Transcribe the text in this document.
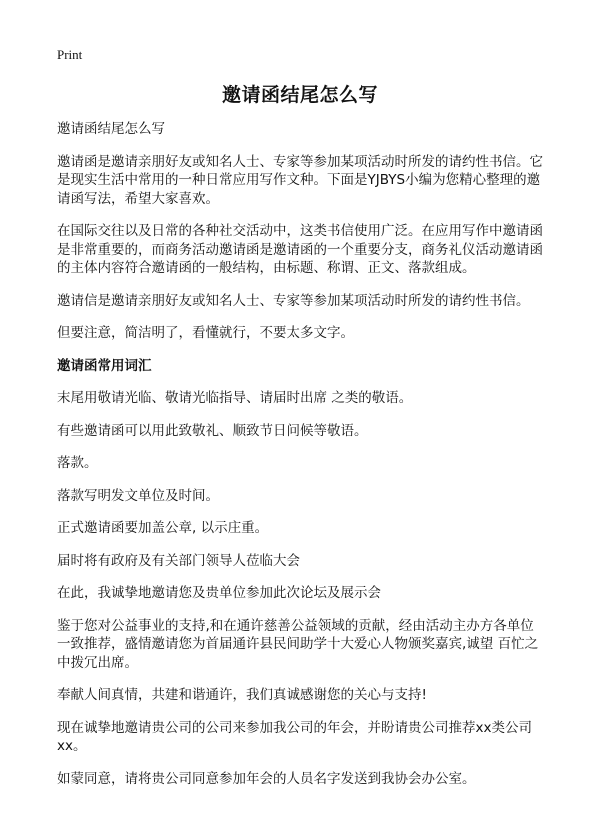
Print
邀请函结尾怎么写

邀请函结尾怎么写

邀请函是邀请亲朋好友或知名人士、专家等参加某项活动时所发的请约性书信。它是现实生活中常用的一种日常应用写作文种。下面是YJBYS小编为您精心整理的邀请函写法，希望大家喜欢。

在国际交往以及日常的各种社交活动中，这类书信使用广泛。在应用写作中邀请函是非常重要的，而商务活动邀请函是邀请函的一个重要分支，商务礼仪活动邀请函的主体内容符合邀请函的一般结构，由标题、称谓、正文、落款组成。

邀请信是邀请亲朋好友或知名人士、专家等参加某项活动时所发的请约性书信。

但要注意，简洁明了，看懂就行，不要太多文字。

邀请函常用词汇

末尾用敬请光临、敬请光临指导、请届时出席 之类的敬语。

有些邀请函可以用此致敬礼、顺致节日问候等敬语。

落款。

落款写明发文单位及时间。

正式邀请函要加盖公章, 以示庄重。

届时将有政府及有关部门领导人莅临大会

在此，我诚挚地邀请您及贵单位参加此次论坛及展示会

鉴于您对公益事业的支持,和在通许慈善公益领域的贡献，经由活动主办方各单位一致推荐，盛情邀请您为首届通许县民间助学十大爱心人物颁奖嘉宾,诚望 百忙之中拨冗出席。

奉献人间真情，共建和谐通许，我们真诚感谢您的关心与支持!

现在诚挚地邀请贵公司的公司来参加我公司的年会，并盼请贵公司推荐xx类公司xx。

如蒙同意，请将贵公司同意参加年会的人员名字发送到我协会办公室。
